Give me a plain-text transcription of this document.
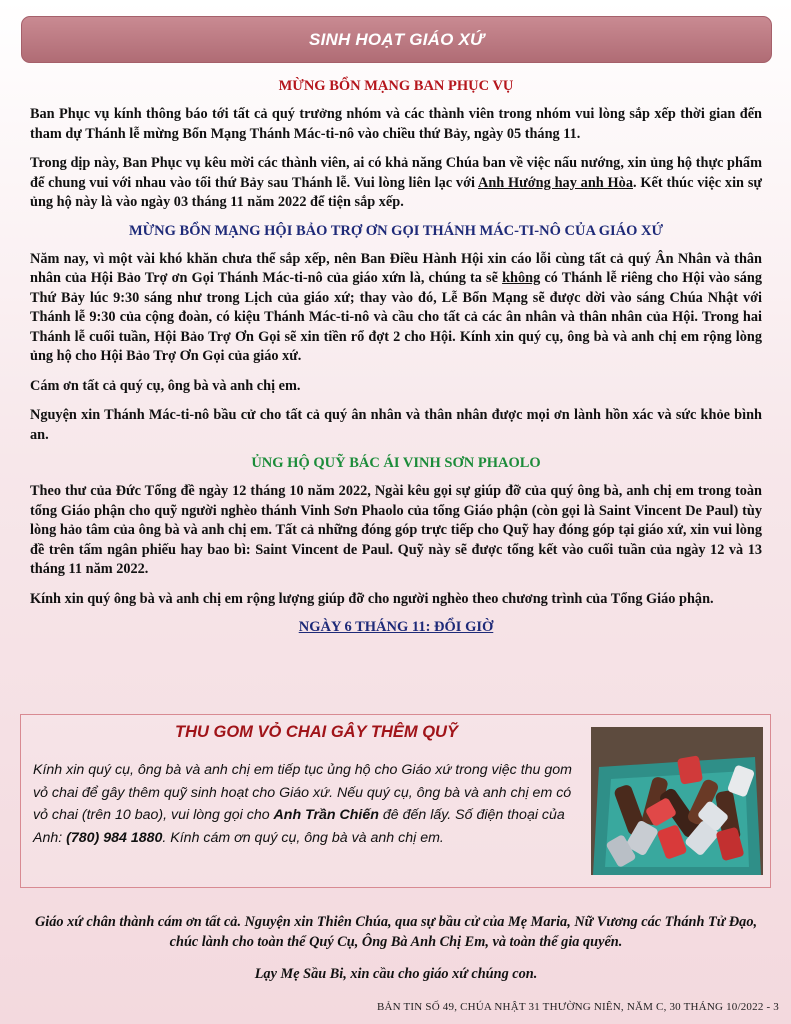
SINH HOẠT GIÁO XỨ
MỪNG BỔN MẠNG BAN PHỤC VỤ

Ban Phục vụ kính thông báo tới tất cả quý trưởng nhóm và các thành viên trong nhóm vui lòng sắp xếp thời gian đến tham dự Thánh lễ mừng Bổn Mạng Thánh Mác-ti-nô vào chiều thứ Bảy, ngày 05 tháng 11.

Trong dịp này, Ban Phục vụ kêu mời các thành viên, ai có khả năng Chúa ban về việc nấu nướng, xin ủng hộ thực phẩm để chung vui với nhau vào tối thứ Bảy sau Thánh lễ. Vui lòng liên lạc với Anh Hướng hay anh Hòa. Kết thúc việc xin sự ủng hộ này là vào ngày 03 tháng 11 năm 2022 để tiện sắp xếp.

MỪNG BỔN MẠNG HỘI BẢO TRỢ ƠN GỌI THÁNH MÁC-TI-NÔ CỦA GIÁO XỨ

Năm nay, vì một vài khó khăn chưa thể sắp xếp, nên Ban Điều Hành Hội xin cáo lỗi cùng tất cả quý Ân Nhân và thân nhân của Hội Bảo Trợ ơn Gọi Thánh Mác-ti-nô của giáo xứn là, chúng ta sẽ không có Thánh lễ riêng cho Hội vào sáng Thứ Bảy lúc 9:30 sáng như trong Lịch của giáo xứ; thay vào đó, Lễ Bổn Mạng sẽ được dời vào sáng Chúa Nhật với Thánh lễ 9:30 của cộng đoàn, có kiệu Thánh Mác-ti-nô và cầu cho tất cả các ân nhân và thân nhân của Hội. Trong hai Thánh lễ cuối tuần, Hội Bảo Trợ Ơn Gọi sẽ xin tiền rổ đợt 2 cho Hội. Kính xin quý cụ, ông bà và anh chị em rộng lòng ủng hộ cho Hội Bảo Trợ Ơn Gọi của giáo xứ.

Cám ơn tất cả quý cụ, ông bà và anh chị em.

Nguyện xin Thánh Mác-ti-nô bầu cử cho tất cả quý ân nhân và thân nhân được mọi ơn lành hồn xác và sức khỏe bình an.

ỦNG HỘ QUỸ BÁC ÁI VINH SƠN PHAOLO

Theo thư của Đức Tổng đề ngày 12 tháng 10 năm 2022, Ngài kêu gọi sự giúp đỡ của quý ông bà, anh chị em trong toàn tổng Giáo phận cho quỹ người nghèo thánh Vinh Sơn Phaolo của tổng Giáo phận (còn gọi là Saint Vincent De Paul) tùy lòng hảo tâm của ông bà và anh chị em. Tất cả những đóng góp trực tiếp cho Quỹ hay đóng góp tại giáo xứ, xin vui lòng đề trên tấm ngân phiếu hay bao bì: Saint Vincent de Paul. Quỹ này sẽ được tổng kết vào cuối tuần của ngày 12 và 13 tháng 11 năm 2022.

Kính xin quý ông bà và anh chị em rộng lượng giúp đỡ cho người nghèo theo chương trình của Tổng Giáo phận.

NGÀY 6 THÁNG 11: ĐỔI GIỜ
THU GOM VỎ CHAI GÂY THÊM QUỸ
Kính xin quý cụ, ông bà và anh chị em tiếp tục ủng hộ cho Giáo xứ trong việc thu gom vỏ chai để gây thêm quỹ sinh hoạt cho Giáo xứ. Nếu quý cụ, ông bà và anh chị em có vỏ chai (trên 10 bao), vui lòng gọi cho Anh Trần Chiến đê đến lấy. Số điện thoại của Anh: (780) 984 1880. Kính cám ơn quý cụ, ông bà và anh chị em.

Giáo xứ chân thành cám ơn tất cả. Nguyện xin Thiên Chúa, qua sự bầu cử của Mẹ Maria, Nữ Vương các Thánh Tử Đạo, chúc lành cho toàn thể Quý Cụ, Ông Bà Anh Chị Em, và toàn thể gia quyến.

Lạy Mẹ Sầu Bi, xin cầu cho giáo xứ chúng con.

BẢN TIN SỐ 49, CHÚA NHẬT 31 THƯỜNG NIÊN, NĂM C, 30 THÁNG 10/2022 - 3
